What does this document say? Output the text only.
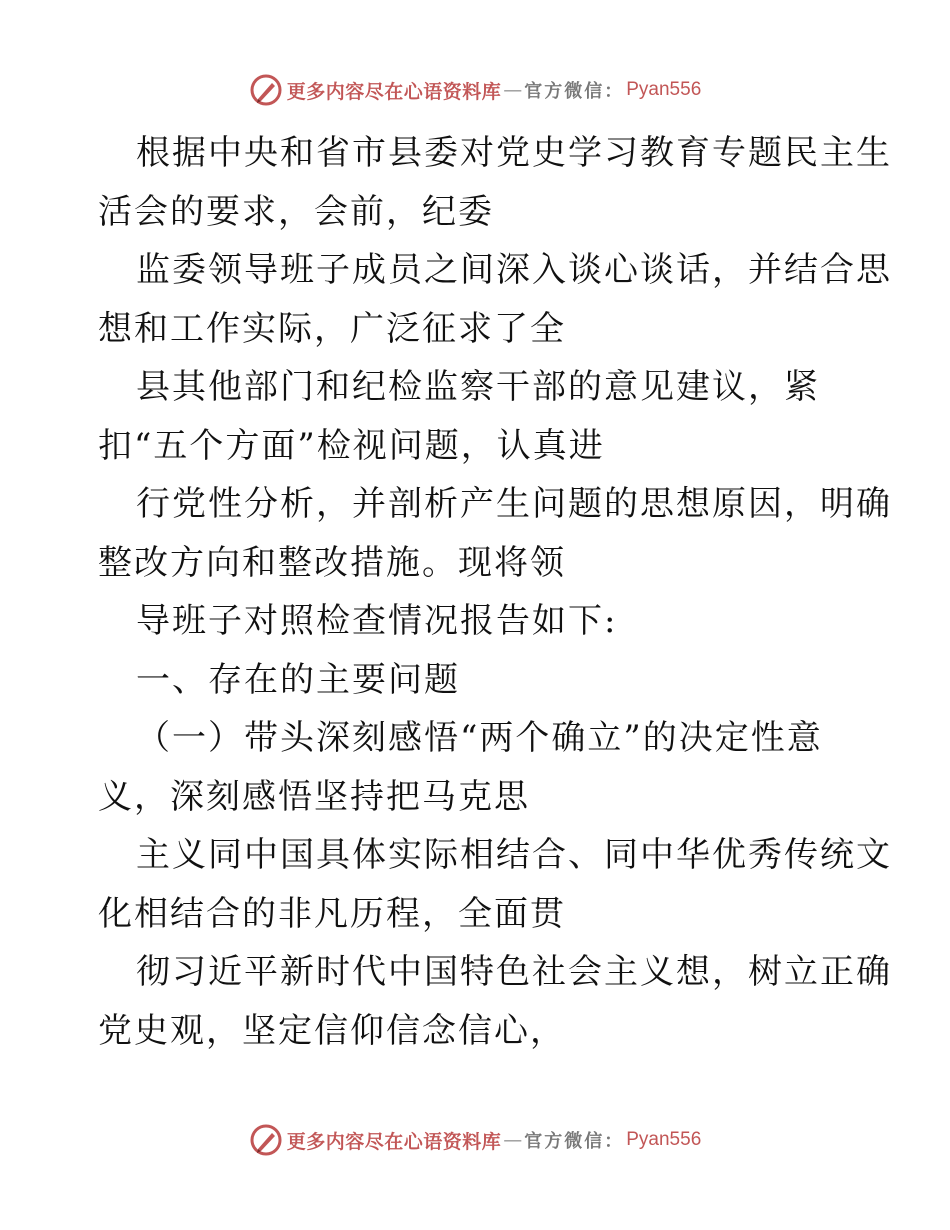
更多内容尽在心语资料库 — 官方微信： Pyan556
根据中央和省市县委对党史学习教育专题民主生
活会的要求，会前，纪委
监委领导班子成员之间深入谈心谈话，并结合思
想和工作实际，广泛征求了全
县其他部门和纪检监察干部的意见建议，紧
扣“五个方面”检视问题，认真进
行党性分析，并剖析产生问题的思想原因，明确
整改方向和整改措施。现将领
导班子对照检查情况报告如下:
一、存在的主要问题
（一）带头深刻感悟“两个确立”的决定性意
义，深刻感悟坚持把马克思
主义同中国具体实际相结合、同中华优秀传统文
化相结合的非凡历程，全面贯
彻习近平新时代中国特色社会主义想，树立正确
党史观，坚定信仰信念信心，
更多内容尽在心语资料库 — 官方微信： Pyan556
